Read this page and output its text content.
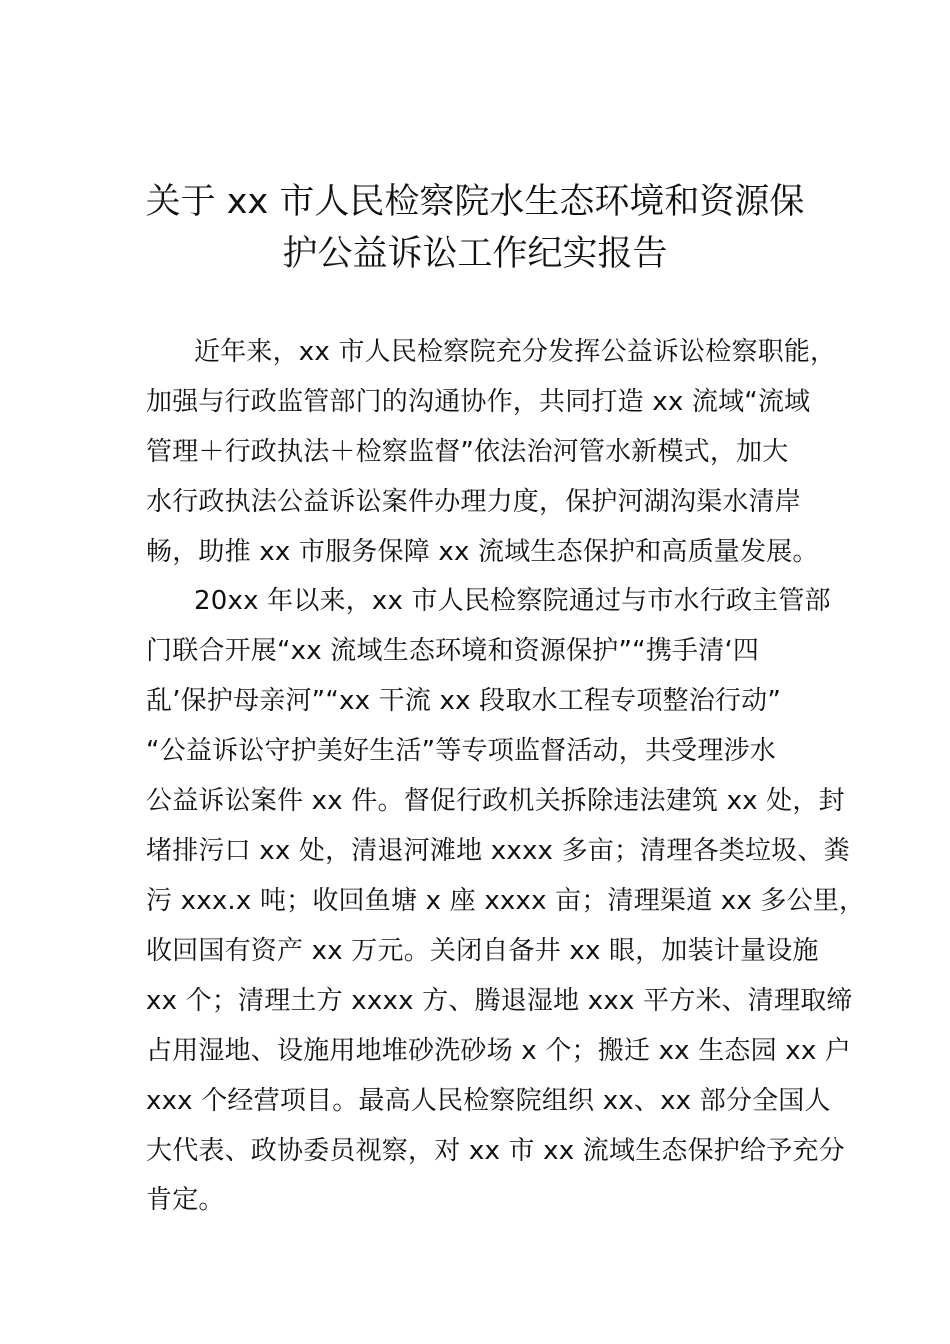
关于 xx 市人民检察院水生态环境和资源保
护公益诉讼工作纪实报告
近年来，xx 市人民检察院充分发挥公益诉讼检察职能，
加强与行政监管部门的沟通协作，共同打造 xx 流域“流域
管理＋行政执法＋检察监督”依法治河管水新模式，加大
水行政执法公益诉讼案件办理力度，保护河湖沟渠水清岸
畅，助推 xx 市服务保障 xx 流域生态保护和高质量发展。
20xx 年以来，xx 市人民检察院通过与市水行政主管部
门联合开展“xx 流域生态环境和资源保护”“携手清‘四
乱’保护母亲河”“xx 干流 xx 段取水工程专项整治行动”
“公益诉讼守护美好生活”等专项监督活动，共受理涉水
公益诉讼案件 xx 件。督促行政机关拆除违法建筑 xx 处，封
堵排污口 xx 处，清退河滩地 xxxx 多亩；清理各类垃圾、粪
污 xxx.x 吨；收回鱼塘 x 座 xxxx 亩；清理渠道 xx 多公里，
收回国有资产 xx 万元。关闭自备井 xx 眼，加装计量设施
xx 个；清理土方 xxxx 方、腾退湿地 xxx 平方米、清理取缔
占用湿地、设施用地堆砂洗砂场 x 个；搬迁 xx 生态园 xx 户
xxx 个经营项目。最高人民检察院组织 xx、xx 部分全国人
大代表、政协委员视察，对 xx 市 xx 流域生态保护给予充分
肯定。
